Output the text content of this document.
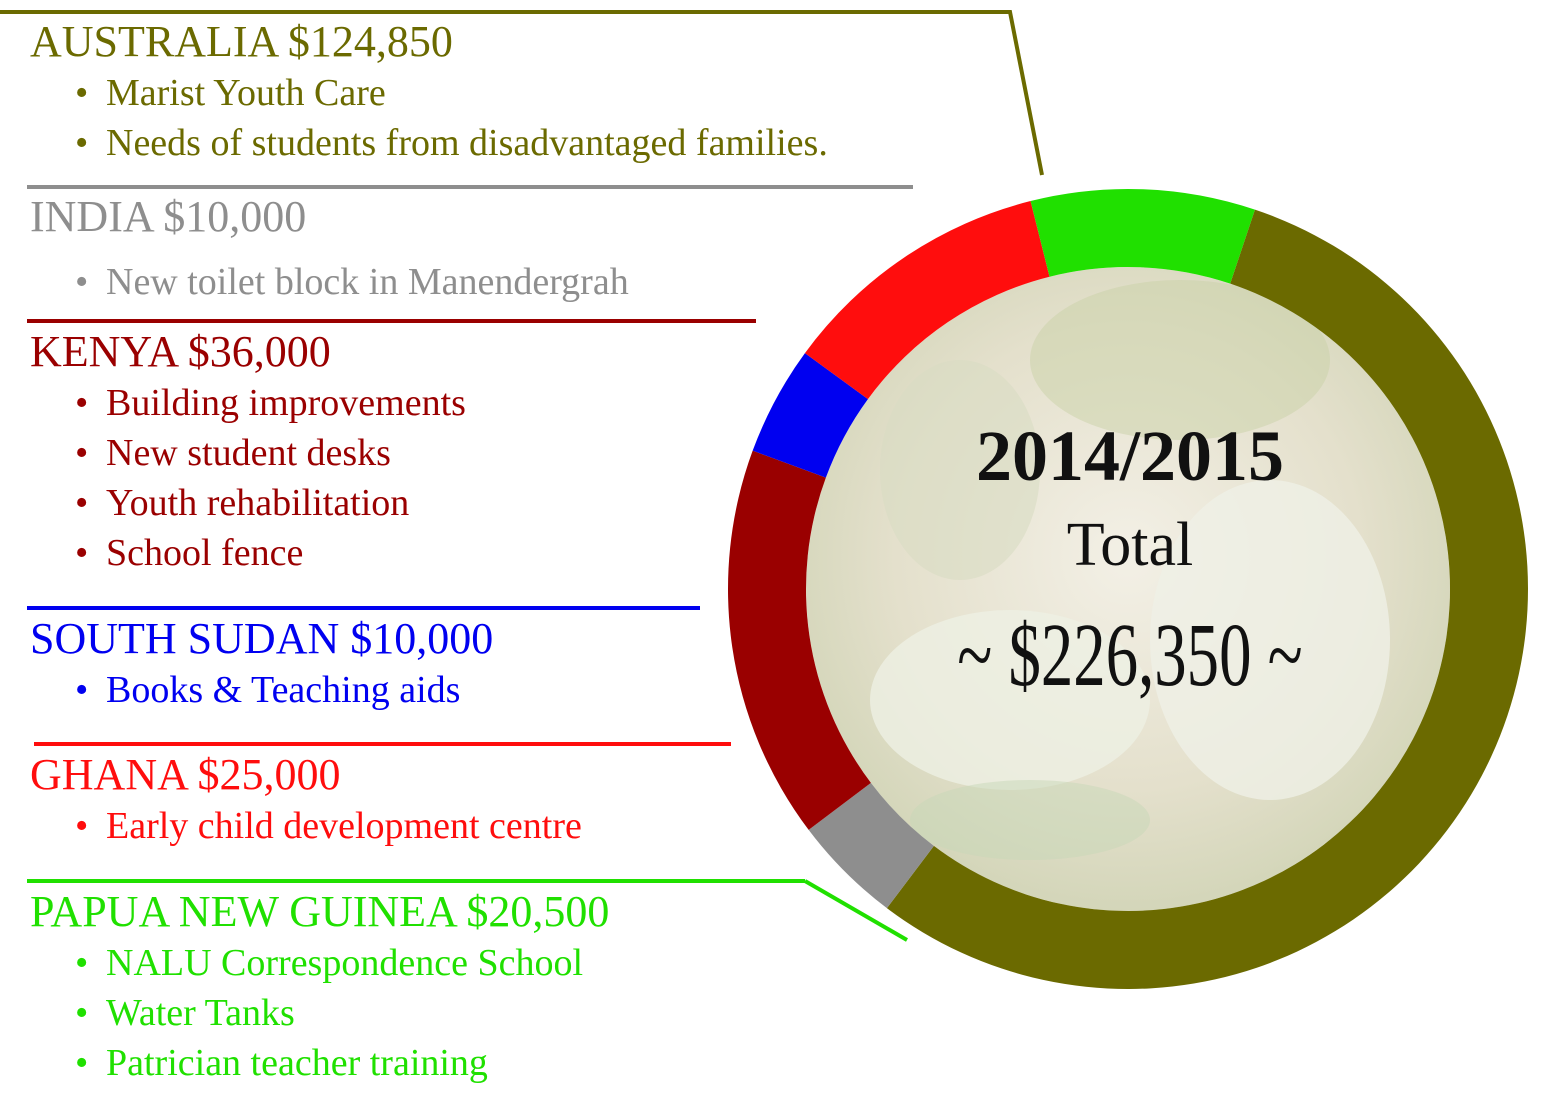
2014/2015
Total
~ $226,350 ~
AUSTRALIA $124,850
• Marist Youth Care
• Needs of students from disadvantaged families.
INDIA $10,000
• New toilet block in Manendergrah
KENYA $36,000
• Building improvements
• New student desks
• Youth rehabilitation
• School fence
SOUTH SUDAN $10,000
• Books & Teaching aids
GHANA $25,000
• Early child development centre
PAPUA NEW GUINEA $20,500
• NALU Correspondence School
• Water Tanks
• Patrician teacher training
